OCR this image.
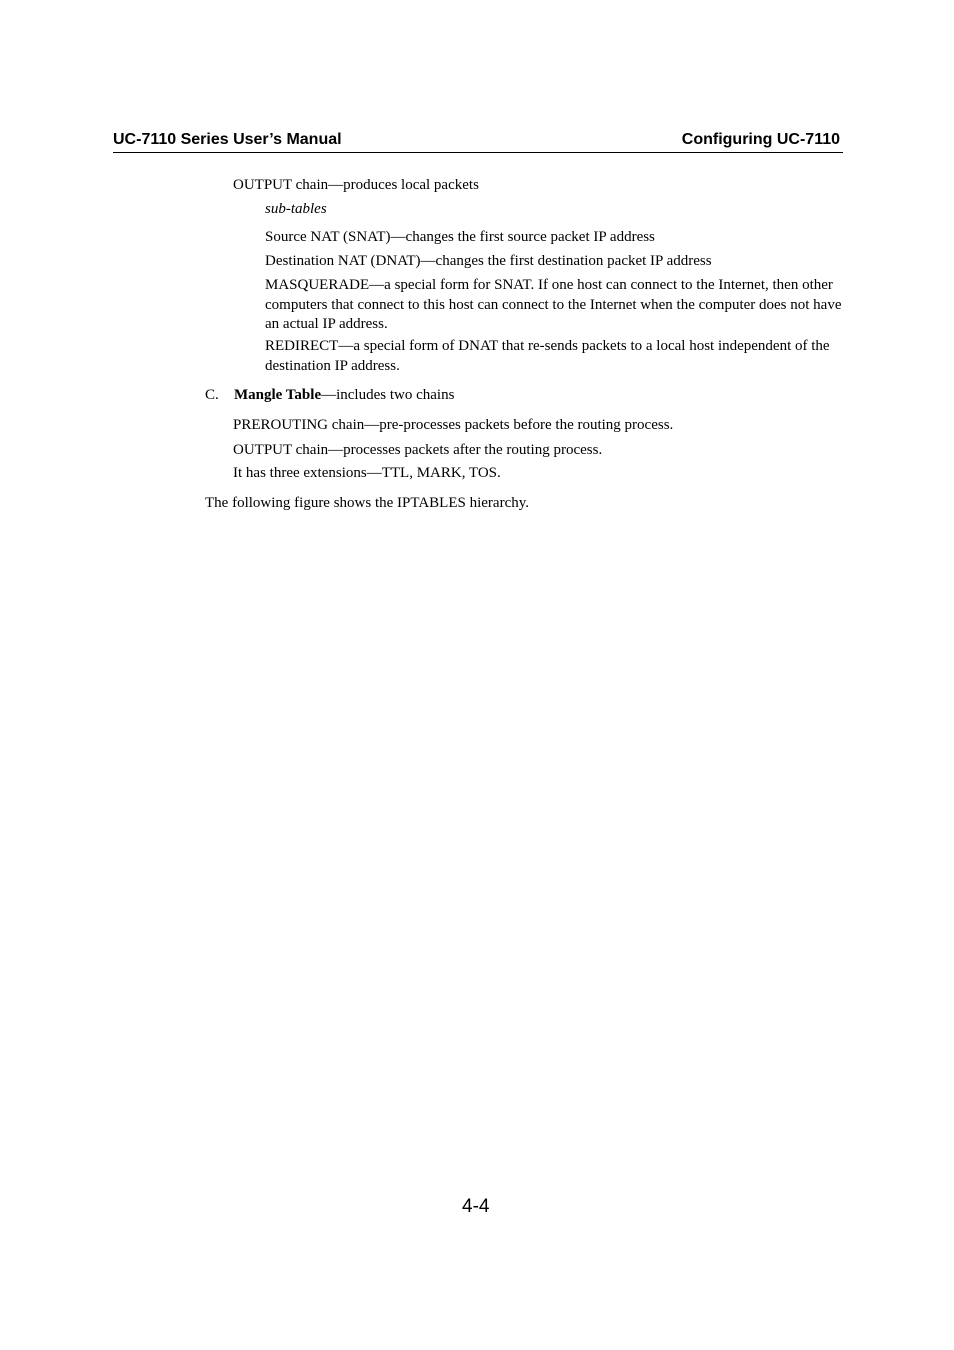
UC-7110 Series User’s Manual	Configuring UC-7110
OUTPUT chain—produces local packets
sub-tables
Source NAT (SNAT)—changes the first source packet IP address
Destination NAT (DNAT)—changes the first destination packet IP address
MASQUERADE—a special form for SNAT. If one host can connect to the Internet, then other computers that connect to this host can connect to the Internet when the computer does not have an actual IP address.
REDIRECT—a special form of DNAT that re-sends packets to a local host independent of the destination IP address.
C. Mangle Table—includes two chains
PREROUTING chain—pre-processes packets before the routing process.
OUTPUT chain—processes packets after the routing process.
It has three extensions—TTL, MARK, TOS.
The following figure shows the IPTABLES hierarchy.
4-4
